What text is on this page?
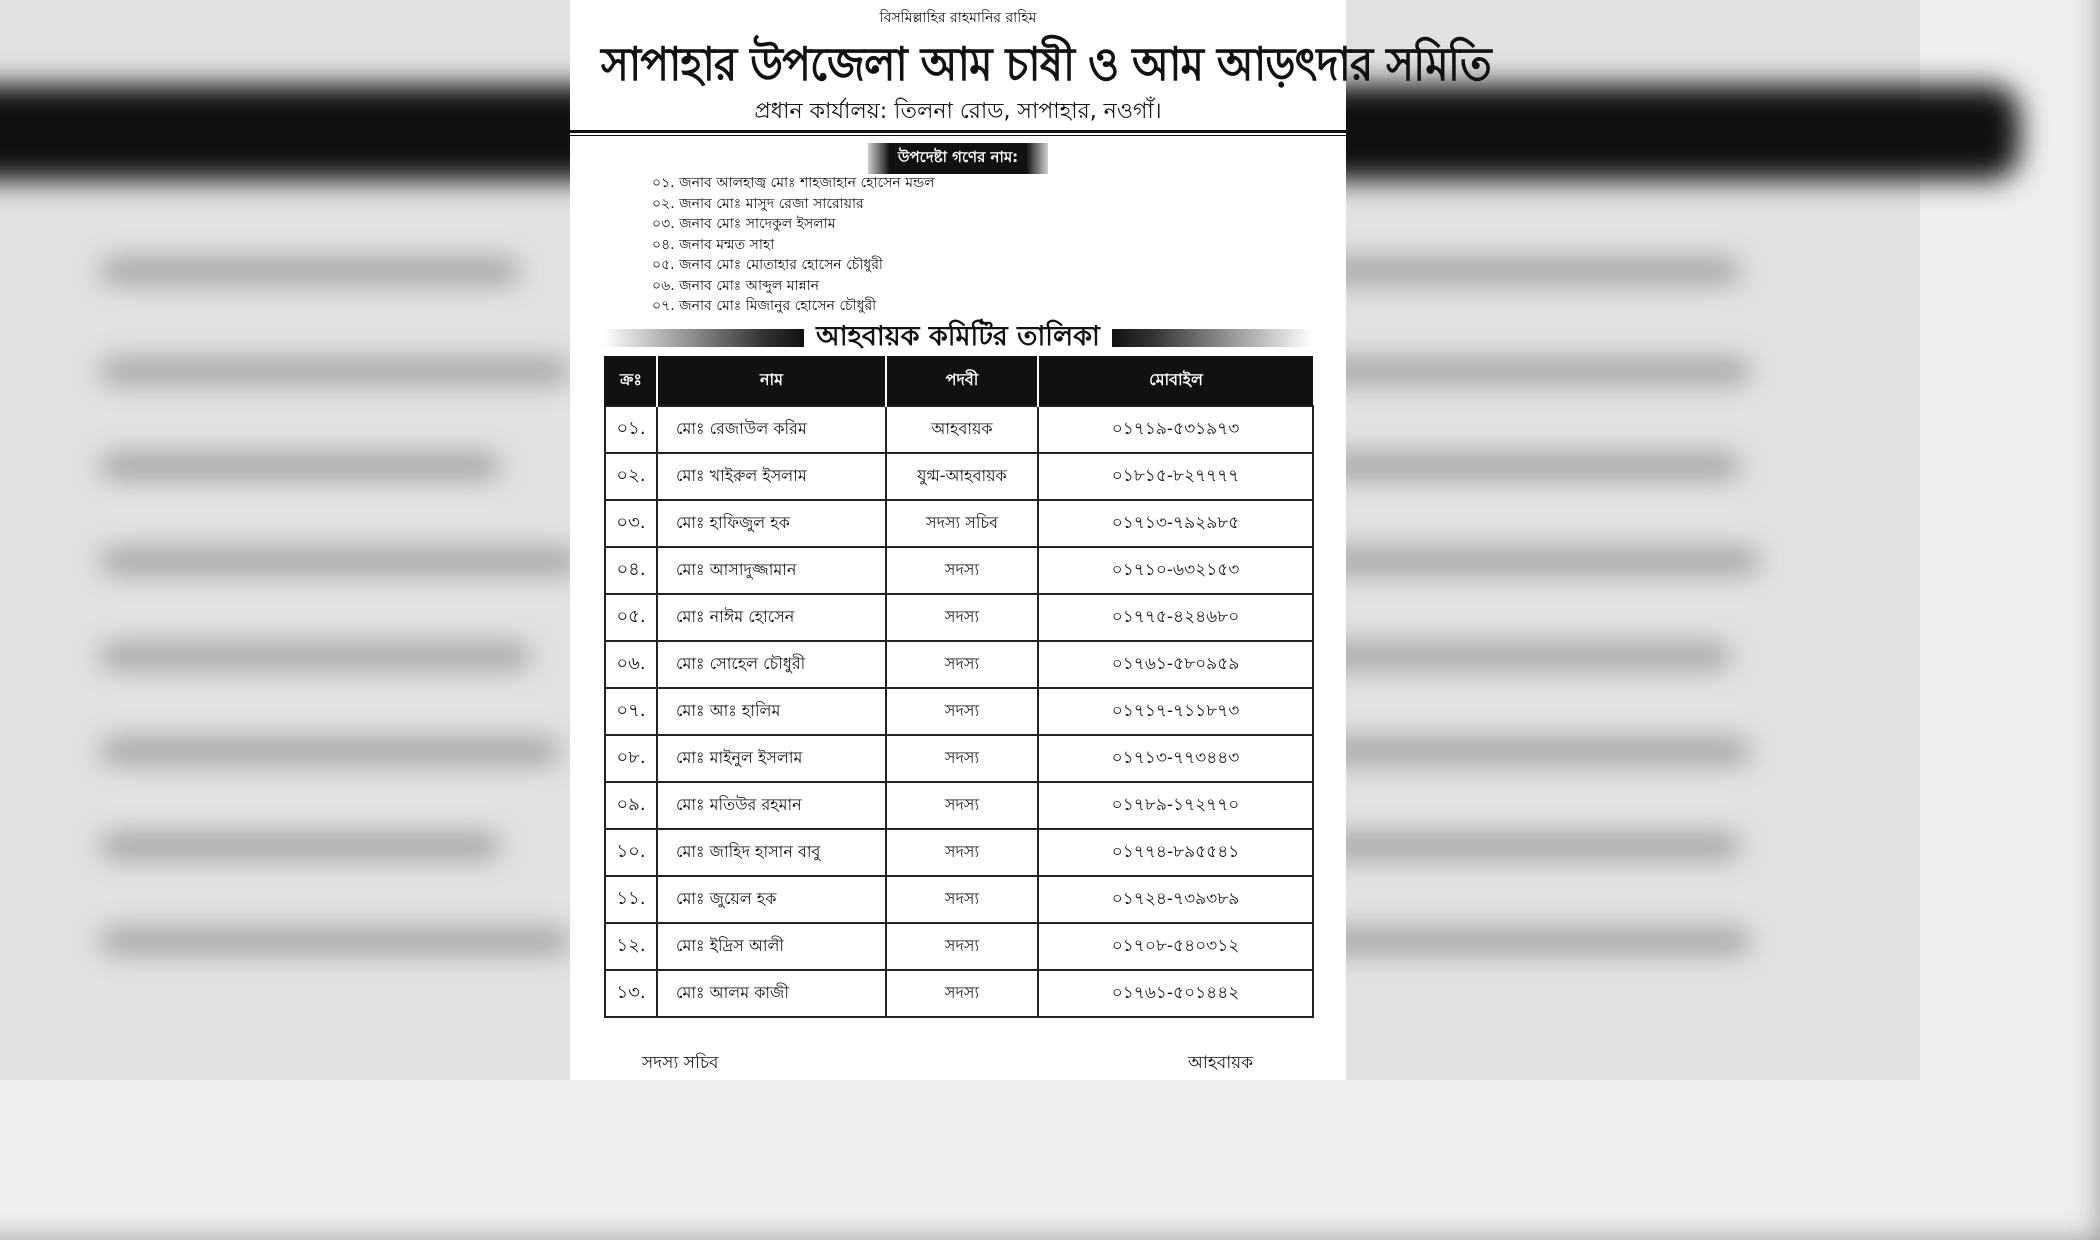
বিসমিল্লাহির রাহমানির রাহিম
সাপাহার উপজেলা আম চাষী ও আম আড়ৎদার সমিতি
প্রধান কার্যালয়: তিলনা রোড, সাপাহার, নওগাঁ।
উপদেষ্টা গণের নাম:
০১. জনাব আলহাজ্ব মোঃ শাহজাহান হোসেন মন্ডল
০২. জনাব মোঃ মাসুদ রেজা সারোয়ার
০৩. জনাব মোঃ সাদেকুল ইসলাম
০৪. জনাব মন্মত সাহা
০৫. জনাব মোঃ মোতাহার হোসেন চৌধুরী
০৬. জনাব মোঃ আব্দুল মান্নান
০৭. জনাব মোঃ মিজানুর হোসেন চৌধুরী
আহবায়ক কমিটির তালিকা
ক্রঃ	নাম	পদবী	মোবাইল
০১.	মোঃ রেজাউল করিম	আহবায়ক	০১৭১৯-৫৩১৯৭৩
০২.	মোঃ খাইরুল ইসলাম	যুগ্ম-আহবায়ক	০১৮১৫-৮২৭৭৭৭
০৩.	মোঃ হাফিজুল হক	সদস্য সচিব	০১৭১৩-৭৯২৯৮৫
০৪.	মোঃ আসাদুজ্জামান	সদস্য	০১৭১০-৬৩২১৫৩
০৫.	মোঃ নাঈম হোসেন	সদস্য	০১৭৭৫-৪২৪৬৮০
০৬.	মোঃ সোহেল চৌধুরী	সদস্য	০১৭৬১-৫৮০৯৫৯
০৭.	মোঃ আঃ হালিম	সদস্য	০১৭১৭-৭১১৮৭৩
০৮.	মোঃ মাইনুল ইসলাম	সদস্য	০১৭১৩-৭৭৩৪৪৩
০৯.	মোঃ মতিউর রহমান	সদস্য	০১৭৮৯-১৭২৭৭০
১০.	মোঃ জাহিদ হাসান বাবু	সদস্য	০১৭৭৪-৮৯৫৫৪১
১১.	মোঃ জুয়েল হক	সদস্য	০১৭২৪-৭৩৯৩৮৯
১২.	মোঃ ইদ্রিস আলী	সদস্য	০১৭০৮-৫৪০৩১২
১৩.	মোঃ আলম কাজী	সদস্য	০১৭৬১-৫০১৪৪২
সদস্য সচিব	আহবায়ক
